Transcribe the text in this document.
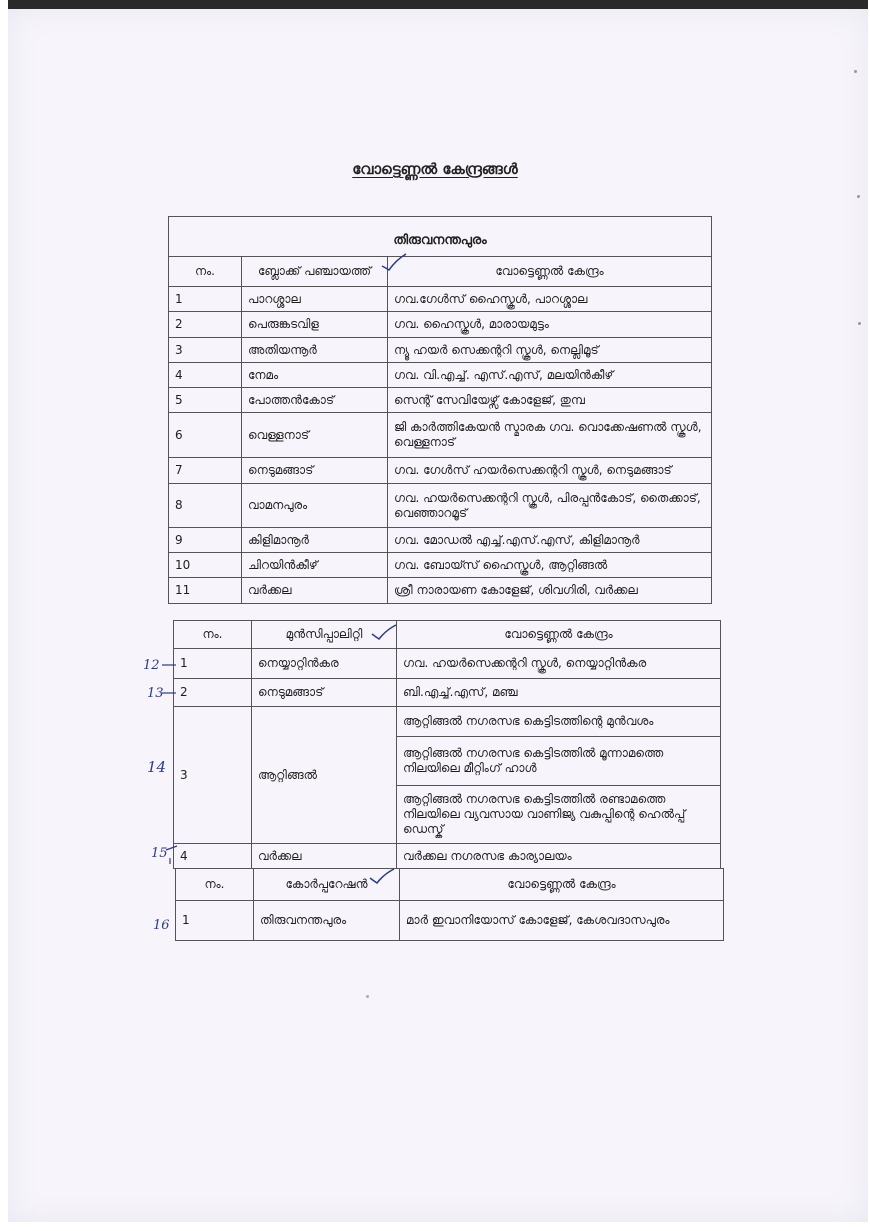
വോട്ടെണ്ണൽ കേന്ദ്രങ്ങൾ
തിരുവനന്തപുരം		
നം.	ബ്ലോക്ക് പഞ്ചായത്ത്	വോട്ടെണ്ണൽ കേന്ദ്രം
1	പാറശ്ശാല	ഗവ.ഗേൾസ് ഹൈസ്കൂൾ, പാറശ്ശാല
2	പെരുങ്കടവിള	ഗവ. ഹൈസ്കൂൾ, മാരായമുട്ടം
3	അതിയന്നൂർ	ന്യൂ ഹയർ സെക്കന്ററി സ്കൂൾ, നെല്ലിമൂട്
4	നേമം	ഗവ. വി.എച്ച്. എസ്.എസ്, മലയിൻകീഴ്
5	പോത്തൻകോട്	സെന്റ് സേവിയേഴ്സ് കോളേജ്, തുമ്പ
6	വെള്ളനാട്	ജി കാർത്തികേയൻ സ്മാരക ഗവ. വൊക്കേഷണൽ സ്കൂൾ, വെള്ളനാട്
7	നെടുമങ്ങാട്	ഗവ. ഗേൾസ് ഹയർസെക്കന്ററി സ്കൂൾ, നെടുമങ്ങാട്
8	വാമനപുരം	ഗവ. ഹയർസെക്കന്ററി സ്കൂൾ, പിരപ്പൻകോട്, തൈക്കാട്, വെഞ്ഞാറമൂട്
9	കിളിമാനൂർ	ഗവ. മോഡൽ എച്ച്.എസ്.എസ്, കിളിമാനൂർ
10	ചിറയിൻകീഴ്	ഗവ. ബോയ്സ് ഹൈസ്കൂൾ, ആറ്റിങ്ങൽ
11	വർക്കല	ശ്രീ നാരായണ കോളേജ്, ശിവഗിരി, വർക്കല
നം.	മുൻസിപ്പാലിറ്റി	വോട്ടെണ്ണൽ കേന്ദ്രം
1	നെയ്യാറ്റിൻകര	ഗവ. ഹയർസെക്കന്ററി സ്കൂൾ, നെയ്യാറ്റിൻകര
2	നെടുമങ്ങാട്	ബി.എച്ച്.എസ്, മഞ്ച
3	ആറ്റിങ്ങൽ	ആറ്റിങ്ങൽ നഗരസഭ കെട്ടിടത്തിന്റെ മുൻവശം
		ആറ്റിങ്ങൽ നഗരസഭ കെട്ടിടത്തിൽ മൂന്നാമത്തെ നിലയിലെ മീറ്റിംഗ് ഹാൾ
		ആറ്റിങ്ങൽ നഗരസഭ കെട്ടിടത്തിൽ രണ്ടാമത്തെ നിലയിലെ വ്യവസായ വാണിജ്യ വകുപ്പിന്റെ ഹെൽപ്പ് ഡെസ്ക്
4	വർക്കല	വർക്കല നഗരസഭ കാര്യാലയം
നം.	കോർപ്പറേഷൻ	വോട്ടെണ്ണൽ കേന്ദ്രം
1	തിരുവനന്തപുരം	മാർ ഇവാനിയോസ് കോളേജ്, കേശവദാസപുരം
12
13
14
15
16
